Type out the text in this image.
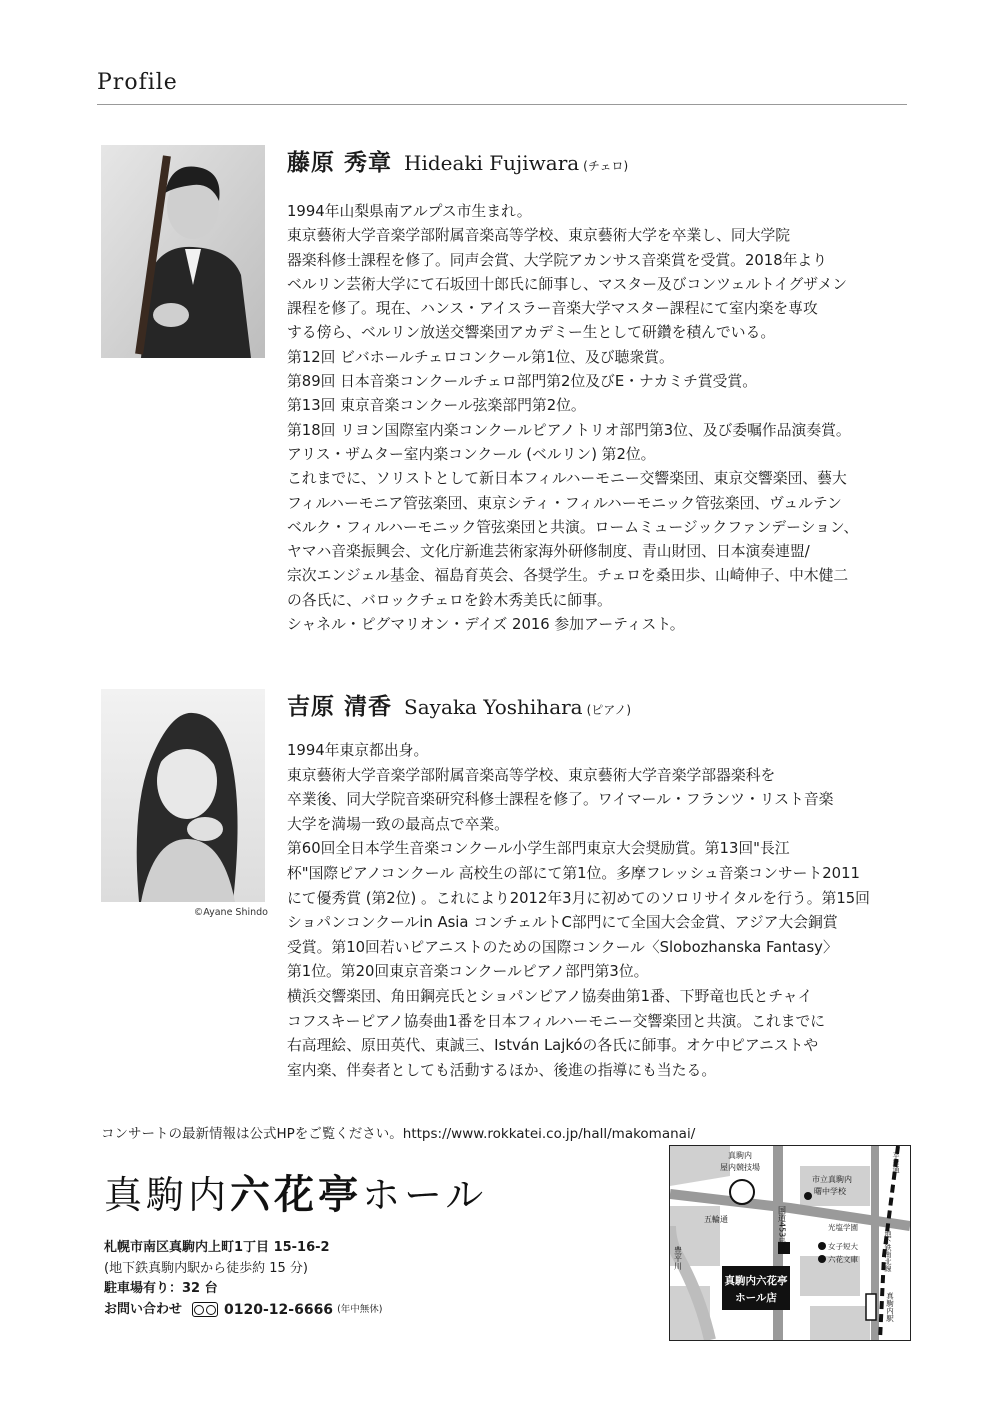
Profile
藤原 秀章 Hideaki Fujiwara (チェロ)
1994年山梨県南アルプス市生まれ。
東京藝術大学音楽学部附属音楽高等学校、東京藝術大学を卒業し、同大学院
器楽科修士課程を修了。同声会賞、大学院アカンサス音楽賞を受賞。2018年より
ベルリン芸術大学にて石坂団十郎氏に師事し、マスター及びコンツェルトイグザメン
課程を修了。現在、ハンス・アイスラー音楽大学マスター課程にて室内楽を専攻
する傍ら、ベルリン放送交響楽団アカデミー生として研鑽を積んでいる。
第12回 ビバホールチェロコンクール第1位、及び聴衆賞。
第89回 日本音楽コンクールチェロ部門第2位及びE・ナカミチ賞受賞。
第13回 東京音楽コンクール弦楽部門第2位。
第18回 リヨン国際室内楽コンクールピアノトリオ部門第3位、及び委嘱作品演奏賞。
アリス・ザムター室内楽コンクール (ベルリン) 第2位。
これまでに、ソリストとして新日本フィルハーモニー交響楽団、東京交響楽団、藝大
フィルハーモニア管弦楽団、東京シティ・フィルハーモニック管弦楽団、ヴュルテン
ベルク・フィルハーモニック管弦楽団と共演。ロームミュージックファンデーション、
ヤマハ音楽振興会、文化庁新進芸術家海外研修制度、青山財団、日本演奏連盟/
宗次エンジェル基金、福島育英会、各奨学生。チェロを桑田歩、山崎伸子、中木健二
の各氏に、バロックチェロを鈴木秀美氏に師事。
シャネル・ピグマリオン・デイズ 2016 参加アーティスト。
©Ayane Shindo
吉原 清香 Sayaka Yoshihara (ピアノ)
1994年東京都出身。
東京藝術大学音楽学部附属音楽高等学校、東京藝術大学音楽学部器楽科を
卒業後、同大学院音楽研究科修士課程を修了。ワイマール・フランツ・リスト音楽
大学を満場一致の最高点で卒業。
第60回全日本学生音楽コンクール小学生部門東京大会奨励賞。第13回"長江
杯"国際ピアノコンクール 高校生の部にて第1位。多摩フレッシュ音楽コンサート2011
にて優秀賞 (第2位) 。これにより2012年3月に初めてのソロリサイタルを行う。第15回
ショパンコンクールin Asia コンチェルトC部門にて全国大会金賞、アジア大会銅賞
受賞。第10回若いピアニストのための国際コンクール〈Slobozhanska Fantasy〉
第1位。第20回東京音楽コンクールピアノ部門第3位。
横浜交響楽団、角田鋼亮氏とショパンピアノ協奏曲第1番、下野竜也氏とチャイ
コフスキーピアノ協奏曲1番を日本フィルハーモニー交響楽団と共演。これまでに
右高理絵、原田英代、東誠三、István Lajkóの各氏に師事。オケ中ピアニストや
室内楽、伴奏者としても活動するほか、後進の指導にも当たる。
コンサートの最新情報は公式HPをご覧ください。https://www.rokkatei.co.jp/hall/makomanai/
真駒内六花亭ホール
札幌市南区真駒内上町1丁目 15-16-2
(地下鉄真駒内駅から徒歩約 15 分)
駐車場有り：32 台
お問い合わせ	0120-12-6666 (年中無休)
真駒内六花亭
ホール店
真駒内
屋内競技場
市立真駒内
曙中学校
五輪通	国道453号線	光塩学園
女子短大
六花文庫
豊平川
平岸通
地下鉄南北線
真駒内駅
